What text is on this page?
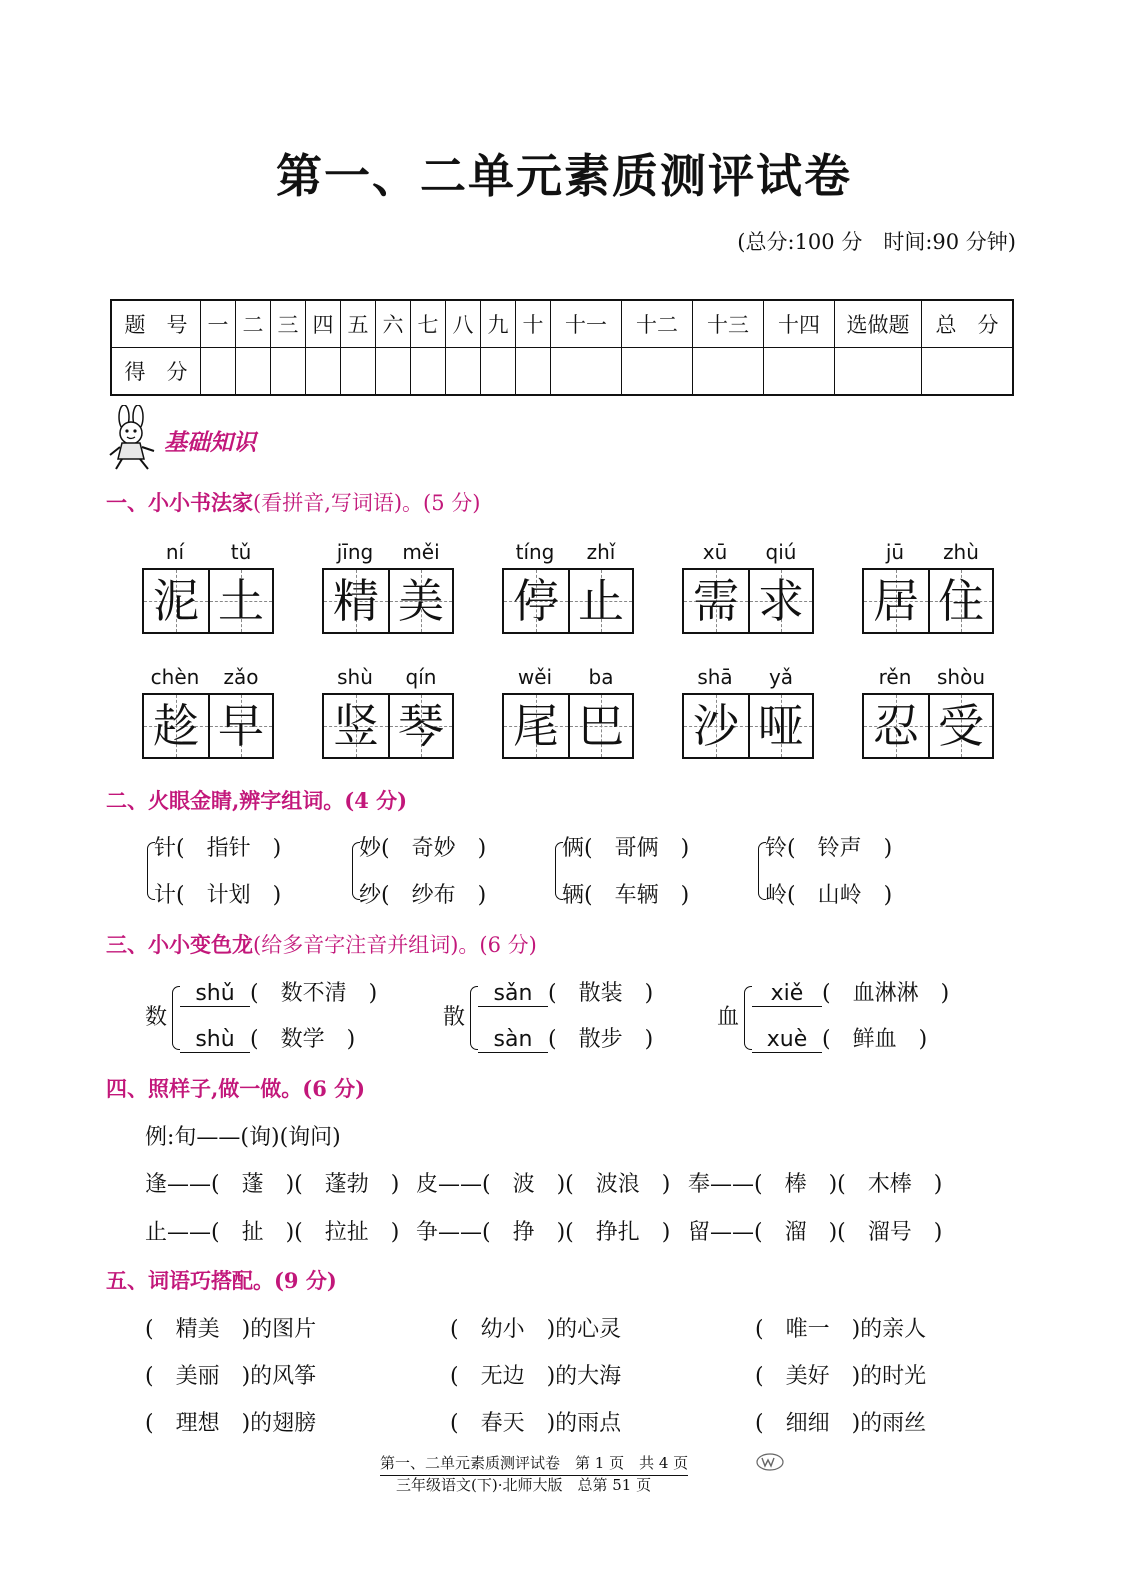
第一、二单元素质测评试卷
(总分:100 分　时间:90 分钟)
题　号	一	二	三	四	五	六	七	八	九	十	十一	十二	十三	十四	选做题	总　分
得　分																
基础知识
一、小小书法家(看拼音,写词语)。(5 分)
ní	tǔ
泥 土
jīng	měi
精 美
tíng	zhǐ
停 止
xū	qiú
需 求
jū	zhù
居 住
chèn	zǎo
趁 早
shù	qín
竖 琴
wěi	ba
尾 巴
shā	yǎ
沙 哑
rěn	shòu
忍 受
二、火眼金睛,辨字组词。(4 分)
针(　指针　)
计(　计划　)
妙(　奇妙　)
纱(　纱布　)
俩(　哥俩　)
辆(　车辆　)
铃(　铃声　)
岭(　山岭　)
三、小小变色龙(给多音字注音并组词)。(6 分)
数
shǔ (　数不清　)
shù (　数学　)
散
sǎn (　散装　)
sàn (　散步　)
血
xiě (　血淋淋　)
xuè (　鲜血　)
四、照样子,做一做。(6 分)
例:旬——(询)(询问)
逢——(　蓬　)(　蓬勃　) 皮——(　波　)(　波浪　) 奉——(　棒　)(　木棒　)
止——(　扯　)(　拉扯　) 争——(　挣　)(　挣扎　) 留——(　溜　)(　溜号　)
五、词语巧搭配。(9 分)
(　精美　)的图片	(　幼小　)的心灵	(　唯一　)的亲人
(　美丽　)的风筝	(　无边　)的大海	(　美好　)的时光
(　理想　)的翅膀	(　春天　)的雨点	(　细细　)的雨丝
第一、二单元素质测评试卷　第 1 页　共 4 页
三年级语文(下)·北师大版　总第 51 页
